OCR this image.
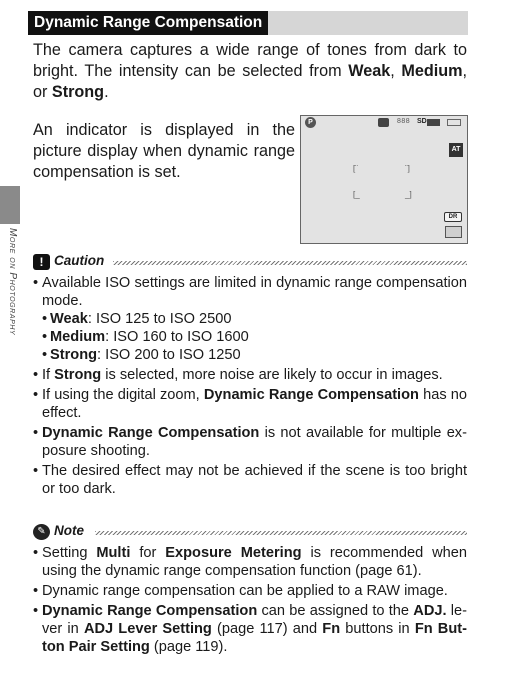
More on Photography
Dynamic Range Compensation

The camera captures a wide range of tones from dark to bright. The intensity can be selected from Weak, Medium, or Strong.

An indicator is displayed in the picture display when dynamic range compensation is set.

P	888 SD
AT
[¨	¨]
[_	_]
DR
! Caution
• Available ISO settings are limited in dynamic range compensation mode.
• Weak: ISO 125 to ISO 2500
• Medium: ISO 160 to ISO 1600
• Strong: ISO 200 to ISO 1250
• If Strong is selected, more noise are likely to occur in images.
• If using the digital zoom, Dynamic Range Compensation has no effect.
• Dynamic Range Compensation is not available for multiple exposure shooting.
• The desired effect may not be achieved if the scene is too bright or too dark.
✎ Note
• Setting Multi for Exposure Metering is recommended when using the dynamic range compensation function (page 61).
• Dynamic range compensation can be applied to a RAW image.
• Dynamic Range Compensation can be assigned to the ADJ. lever in ADJ Lever Setting (page 117) and Fn buttons in Fn Button Pair Setting (page 119).
